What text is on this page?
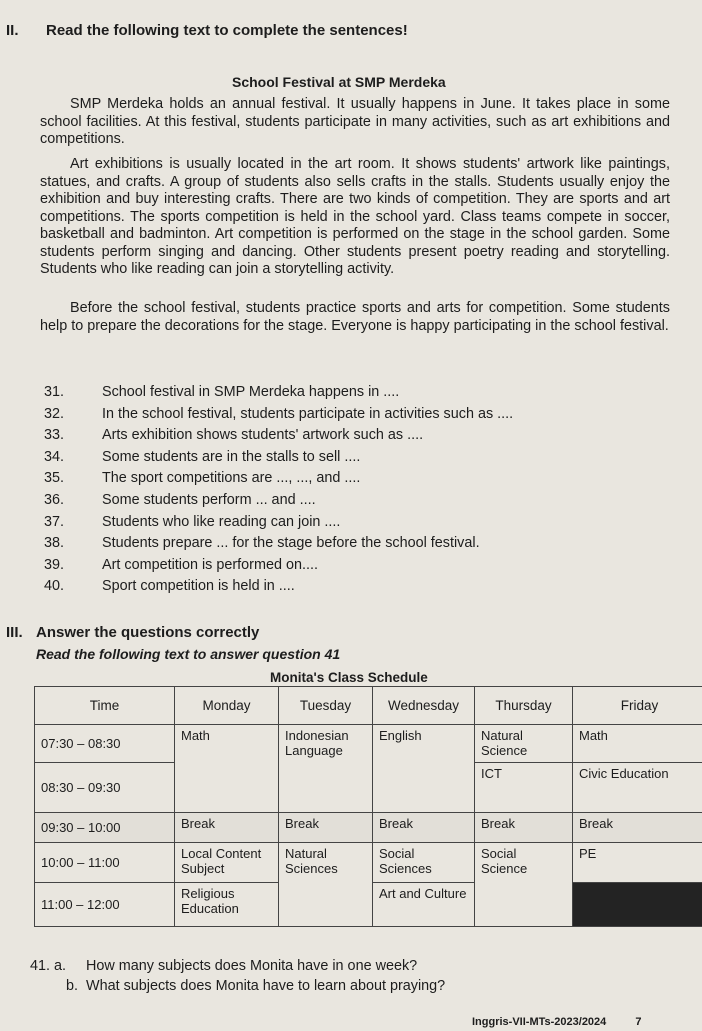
II. Read the following text to complete the sentences!
School Festival at SMP Merdeka

SMP Merdeka holds an annual festival. It usually happens in June. It takes place in some school facilities. At this festival, students participate in many activities, such as art exhibitions and competitions.

Art exhibitions is usually located in the art room. It shows students' artwork like paintings, statues, and crafts. A group of students also sells crafts in the stalls. Students usually enjoy the exhibition and buy interesting crafts. There are two kinds of competition. They are sports and art competitions. The sports competition is held in the school yard. Class teams compete in soccer, basketball and badminton. Art competition is performed on the stage in the school garden. Some students perform singing and dancing. Other students present poetry reading and storytelling. Students who like reading can join a storytelling activity.

Before the school festival, students practice sports and arts for competition. Some students help to prepare the decorations for the stage. Everyone is happy participating in the school festival.

31.	School festival in SMP Merdeka happens in ....
32.	In the school festival, students participate in activities such as ....
33.	Arts exhibition shows students' artwork such as ....
34.	Some students are in the stalls to sell ....
35.	The sport competitions are ..., ..., and ....
36.	Some students perform ... and ....
37.	Students who like reading can join ....
38.	Students prepare ... for the stage before the school festival.
39.	Art competition is performed on....
40.	Sport competition is held in ....
III. Answer the questions correctly
Read the following text to answer question 41
Monita's Class Schedule
Time	Monday	Tuesday	Wednesday	Thursday	Friday
07:30 – 08:30	Math	Indonesian Language	English	Natural Science	Math
08:30 – 09:30				ICT	Civic Education
09:30 – 10:00	Break	Break	Break	Break	Break
10:00 – 11:00	Local Content Subject	Natural Sciences	Social Sciences	Social Science	PE
11:00 – 12:00	Religious Education		Art and Culture		
41. a. How many subjects does Monita have in one week?
b. What subjects does Monita have to learn about praying?
Inggris-VII-MTs-2023/2024	7
